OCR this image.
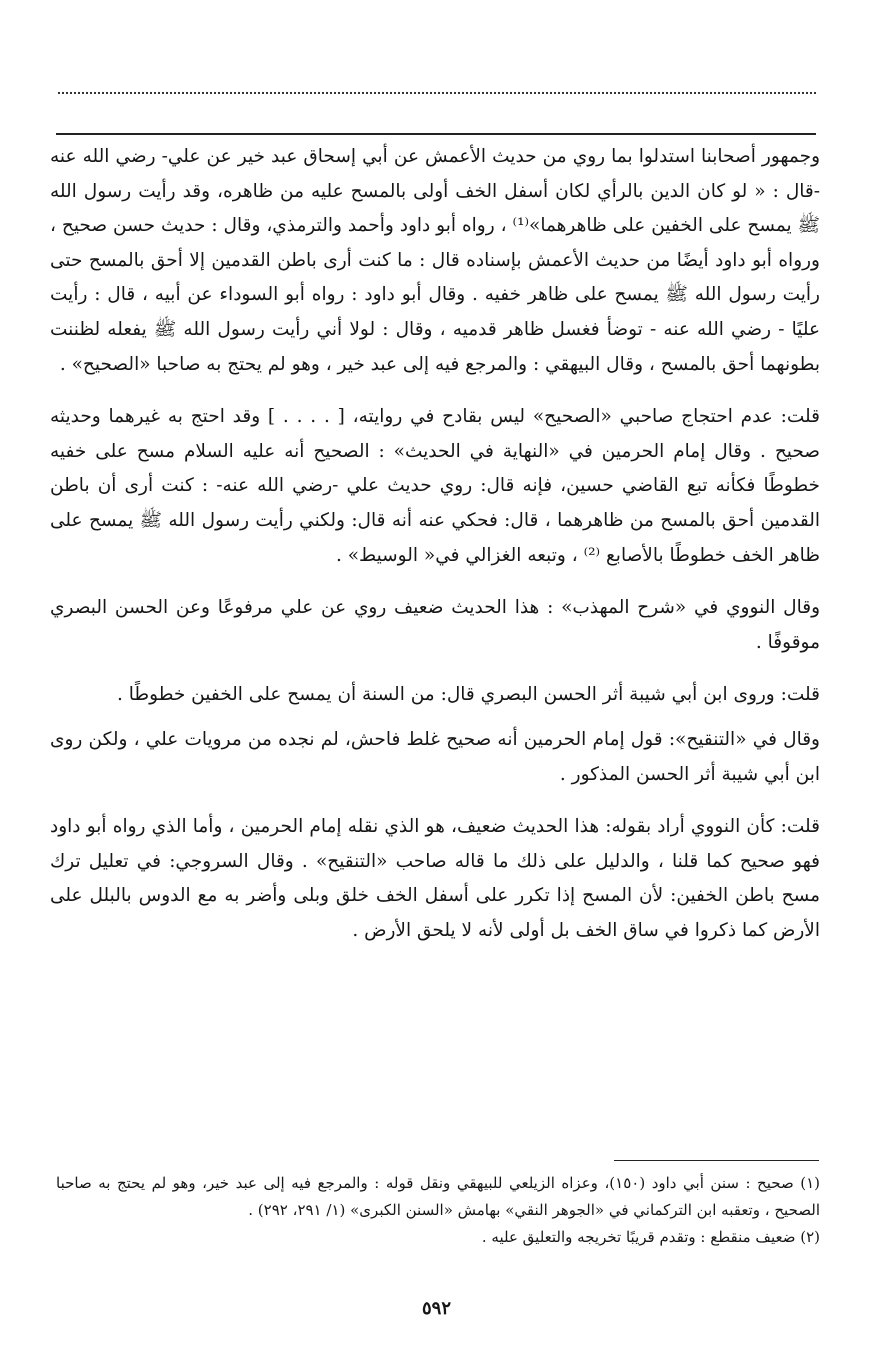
وجمهور أصحابنا استدلوا بما روي من حديث الأعمش عن أبي إسحاق عبد خير عن علي- رضي الله عنه -قال : « لو كان الدين بالرأي لكان أسفل الخف أولى بالمسح عليه من ظاهره، وقد رأيت رسول الله ﷺ يمسح على الخفين على ظاهرهما»⁽¹⁾ ، رواه أبو داود وأحمد والترمذي، وقال : حديث حسن صحيح ، ورواه أبو داود أيضًا من حديث الأعمش بإسناده قال : ما كنت أرى باطن القدمين إلا أحق بالمسح حتى رأيت رسول الله ﷺ يمسح على ظاهر خفيه . وقال أبو داود : رواه أبو السوداء عن أبيه ، قال : رأيت عليًا - رضي الله عنه - توضأ فغسل ظاهر قدميه ، وقال : لولا أني رأيت رسول الله ﷺ يفعله لظننت بطونهما أحق بالمسح ، وقال البيهقي : والمرجع فيه إلى عبد خير ، وهو لم يحتج به صاحبا «الصحيح» .

قلت: عدم احتجاج صاحبي «الصحيح» ليس بقادح في روايته، [ . . . . ] وقد احتج به غيرهما وحديثه صحيح . وقال إمام الحرمين في «النهاية في الحديث» : الصحيح أنه عليه السلام مسح على خفيه خطوطًا فكأنه تبع القاضي حسين، فإنه قال: روي حديث علي -رضي الله عنه- : كنت أرى أن باطن القدمين أحق بالمسح من ظاهرهما ، قال: فحكي عنه أنه قال: ولكني رأيت رسول الله ﷺ يمسح على ظاهر الخف خطوطًا بالأصابع ⁽²⁾ ، وتبعه الغزالي في« الوسيط» .

وقال النووي في «شرح المهذب» : هذا الحديث ضعيف روي عن علي مرفوعًا وعن الحسن البصري موقوفًا .

قلت: وروى ابن أبي شيبة أثر الحسن البصري قال: من السنة أن يمسح على الخفين خطوطًا .

وقال في «التنقيح»: قول إمام الحرمين أنه صحيح غلط فاحش، لم نجده من مرويات علي ، ولكن روى ابن أبي شيبة أثر الحسن المذكور .

قلت: كأن النووي أراد بقوله: هذا الحديث ضعيف، هو الذي نقله إمام الحرمين ، وأما الذي رواه أبو داود فهو صحيح كما قلنا ، والدليل على ذلك ما قاله صاحب «التنقيح» . وقال السروجي: في تعليل ترك مسح باطن الخفين: لأن المسح إذا تكرر على أسفل الخف خلق وبلى وأضر به مع الدوس بالبلل على الأرض كما ذكروا في ساق الخف بل أولى لأنه لا يلحق الأرض .

(١) صحيح : سنن أبي داود (١٥٠)، وعزاه الزيلعي للبيهقي ونقل قوله : والمرجع فيه إلى عبد خير، وهو لم يحتج به صاحبا الصحيح ، وتعقبه ابن التركماني في «الجوهر النقي» بهامش «السنن الكبرى» (١/ ٢٩١، ٢٩٢) .

(٢) ضعيف منقطع : وتقدم قريبًا تخريجه والتعليق عليه .

٥٩٢
